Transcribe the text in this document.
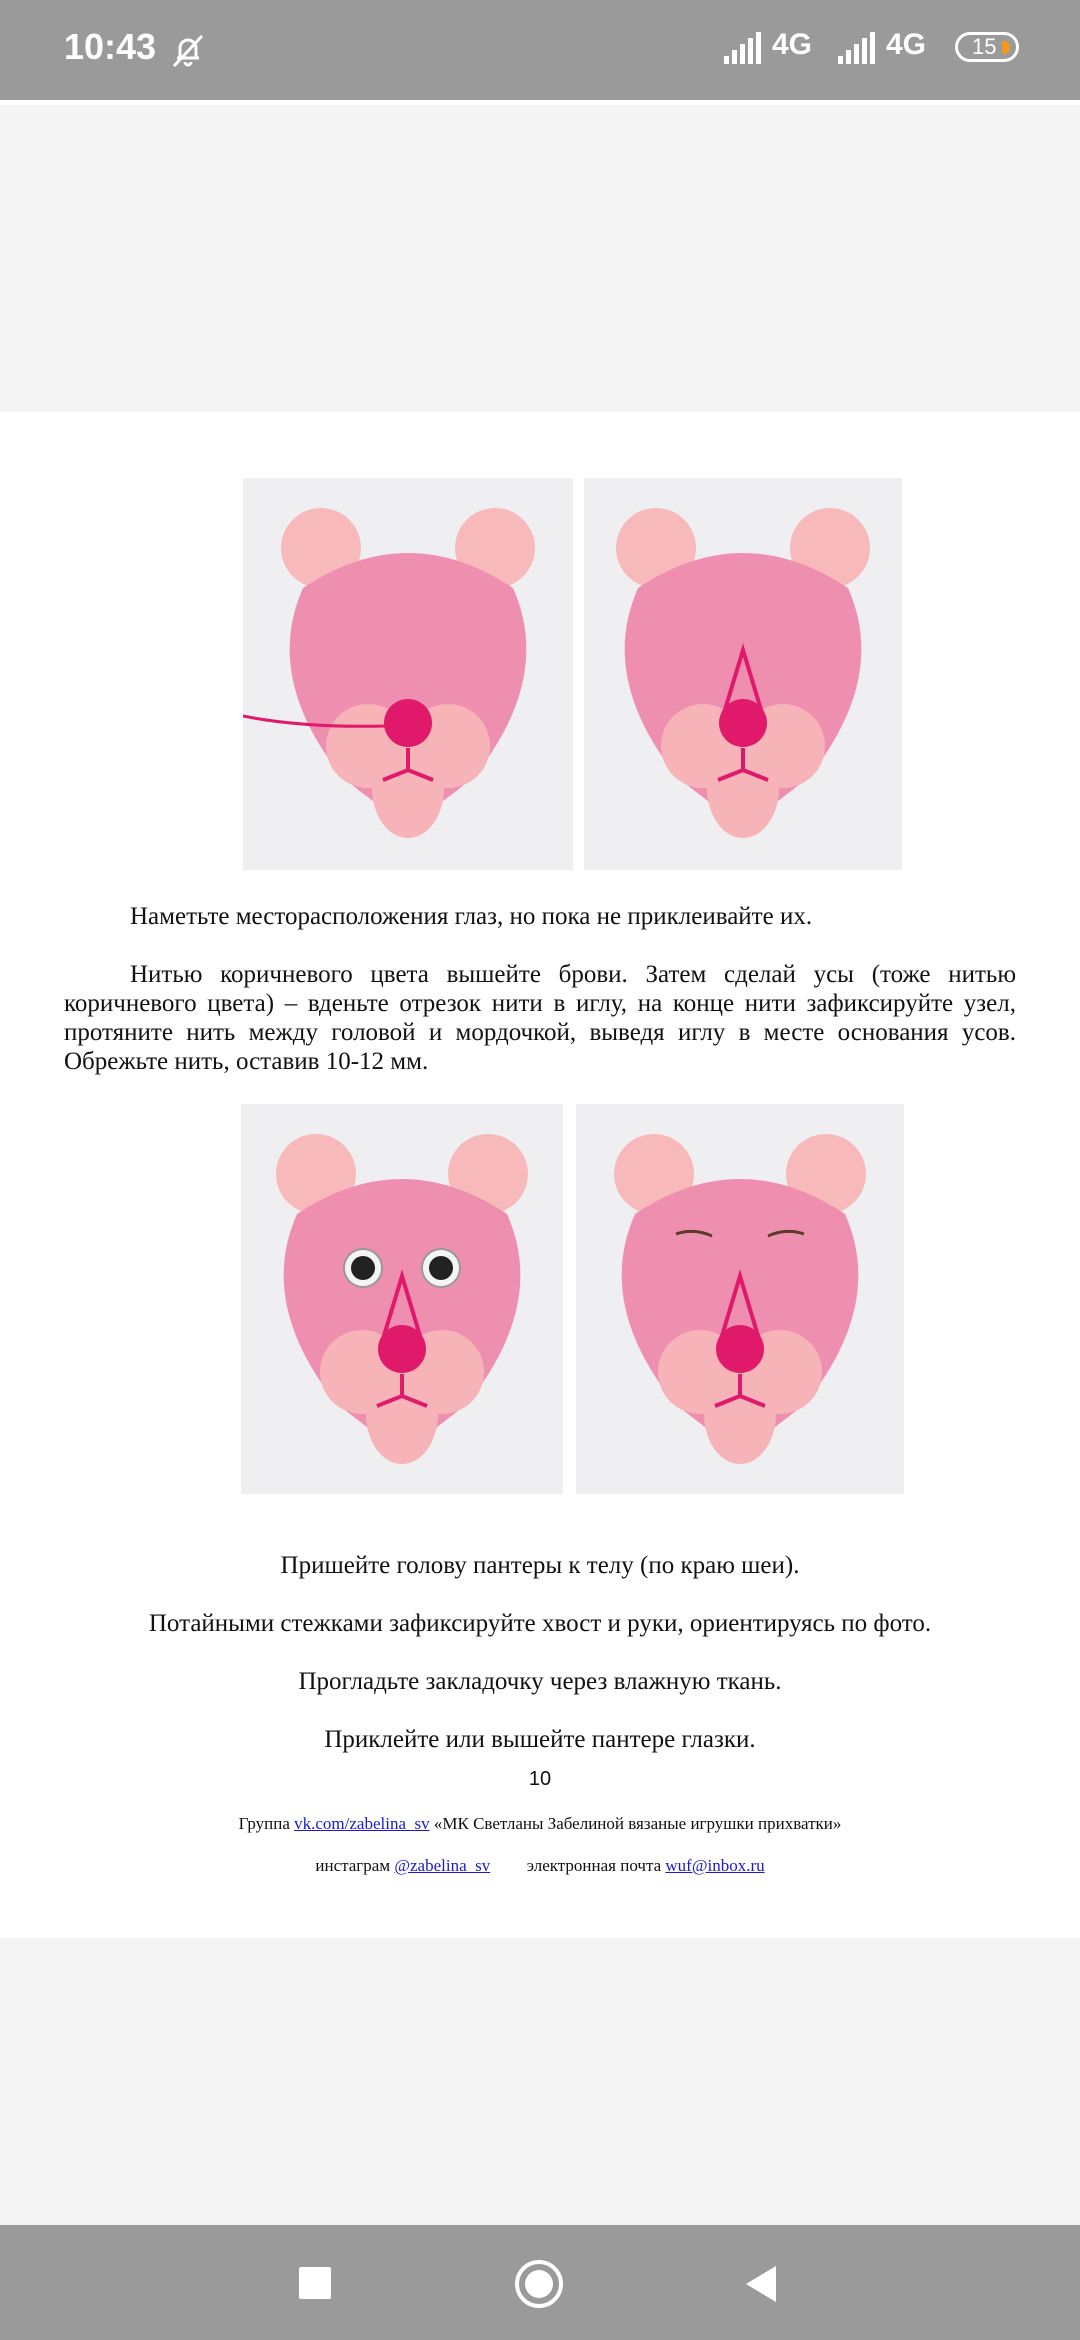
10:43	4G 4G	15
Наметьте месторасположения глаз, но пока не приклеивайте их.
Нитью коричневого цвета вышейте брови. Затем сделай усы (тоже нитью коричневого цвета) – вденьте отрезок нити в иглу, на конце нити зафиксируйте узел, протяните нить между головой и мордочкой, выведя иглу в месте основания усов. Обрежьте нить, оставив 10-12 мм.
Пришейте голову пантеры к телу (по краю шеи).
Потайными стежками зафиксируйте хвост и руки, ориентируясь по фото.
Прогладьте закладочку через влажную ткань.
Приклейте или вышейте пантере глазки.
10
Группа vk.com/zabelina_sv «МК Светланы Забелиной вязаные игрушки прихватки»
инстаграм @zabelina_sv электронная почта wuf@inbox.ru
